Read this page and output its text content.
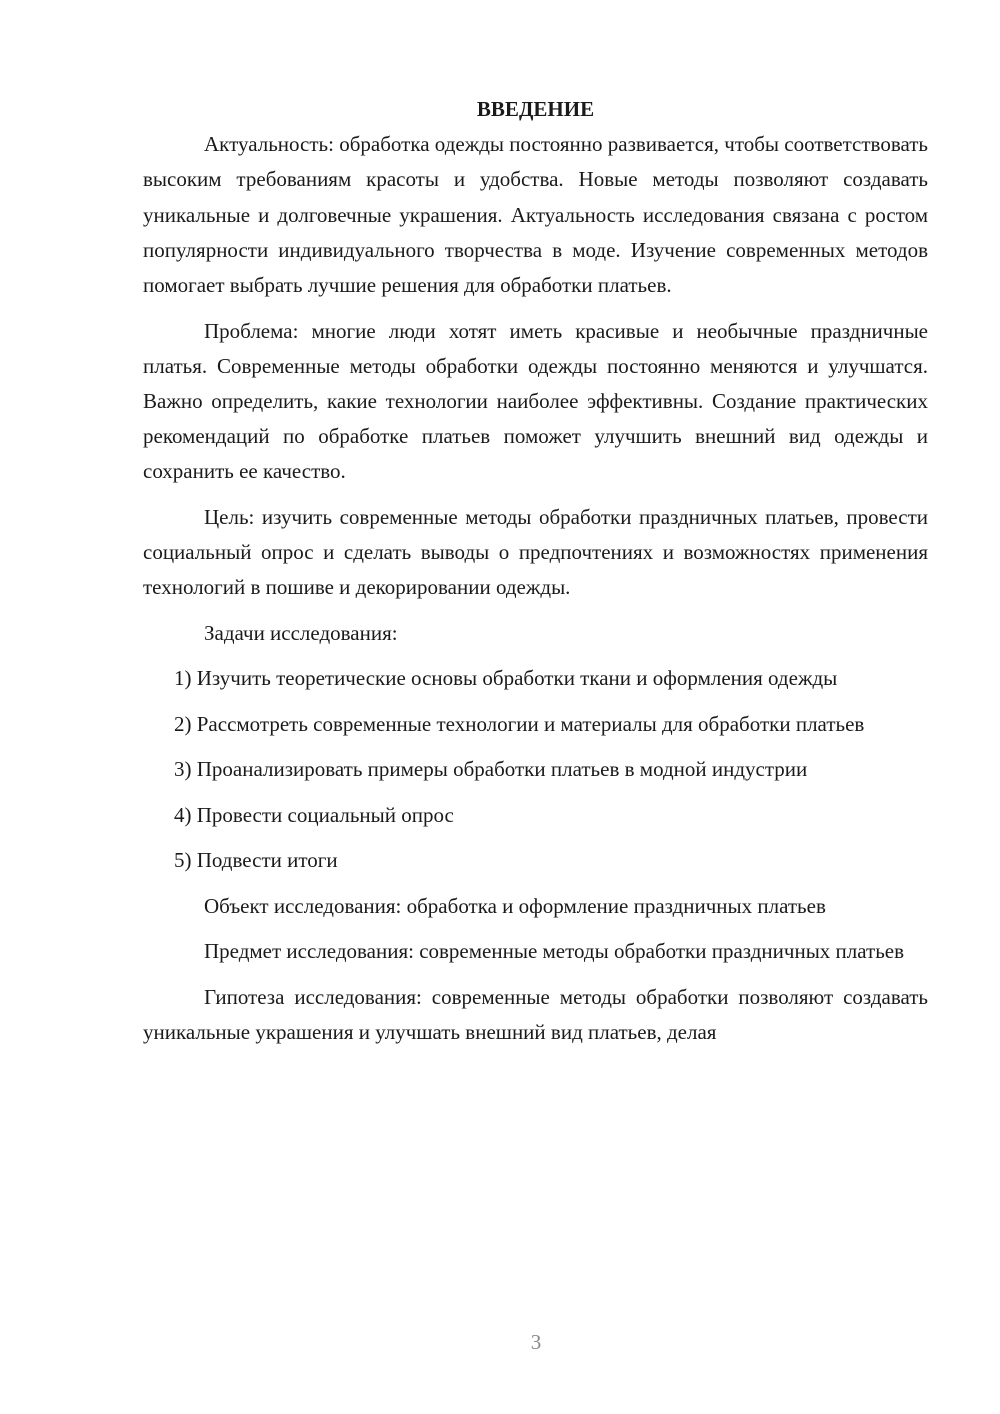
ВВЕДЕНИЕ

Актуальность: обработка одежды постоянно развивается, чтобы соответствовать высоким требованиям красоты и удобства. Новые методы позволяют создавать уникальные и долговечные украшения. Актуальность исследования связана с ростом популярности индивидуального творчества в моде. Изучение современных методов помогает выбрать лучшие решения для обработки платьев.

Проблема: многие люди хотят иметь красивые и необычные праздничные платья. Современные методы обработки одежды постоянно меняются и улучшатся. Важно определить, какие технологии наиболее эффективны. Создание практических рекомендаций по обработке платьев поможет улучшить внешний вид одежды и сохранить ее качество.

Цель: изучить современные методы обработки праздничных платьев, провести социальный опрос и сделать выводы о предпочтениях и возможностях применения технологий в пошиве и декорировании одежды.

Задачи исследования:

1) Изучить теоретические основы обработки ткани и оформления одежды

2) Рассмотреть современные технологии и материалы для обработки платьев

3) Проанализировать примеры обработки платьев в модной индустрии

4) Провести социальный опрос

5) Подвести итоги

Объект исследования: обработка и оформление праздничных платьев

Предмет исследования: современные методы обработки праздничных платьев

Гипотеза исследования: современные методы обработки позволяют создавать уникальные украшения и улучшать внешний вид платьев, делая

3
